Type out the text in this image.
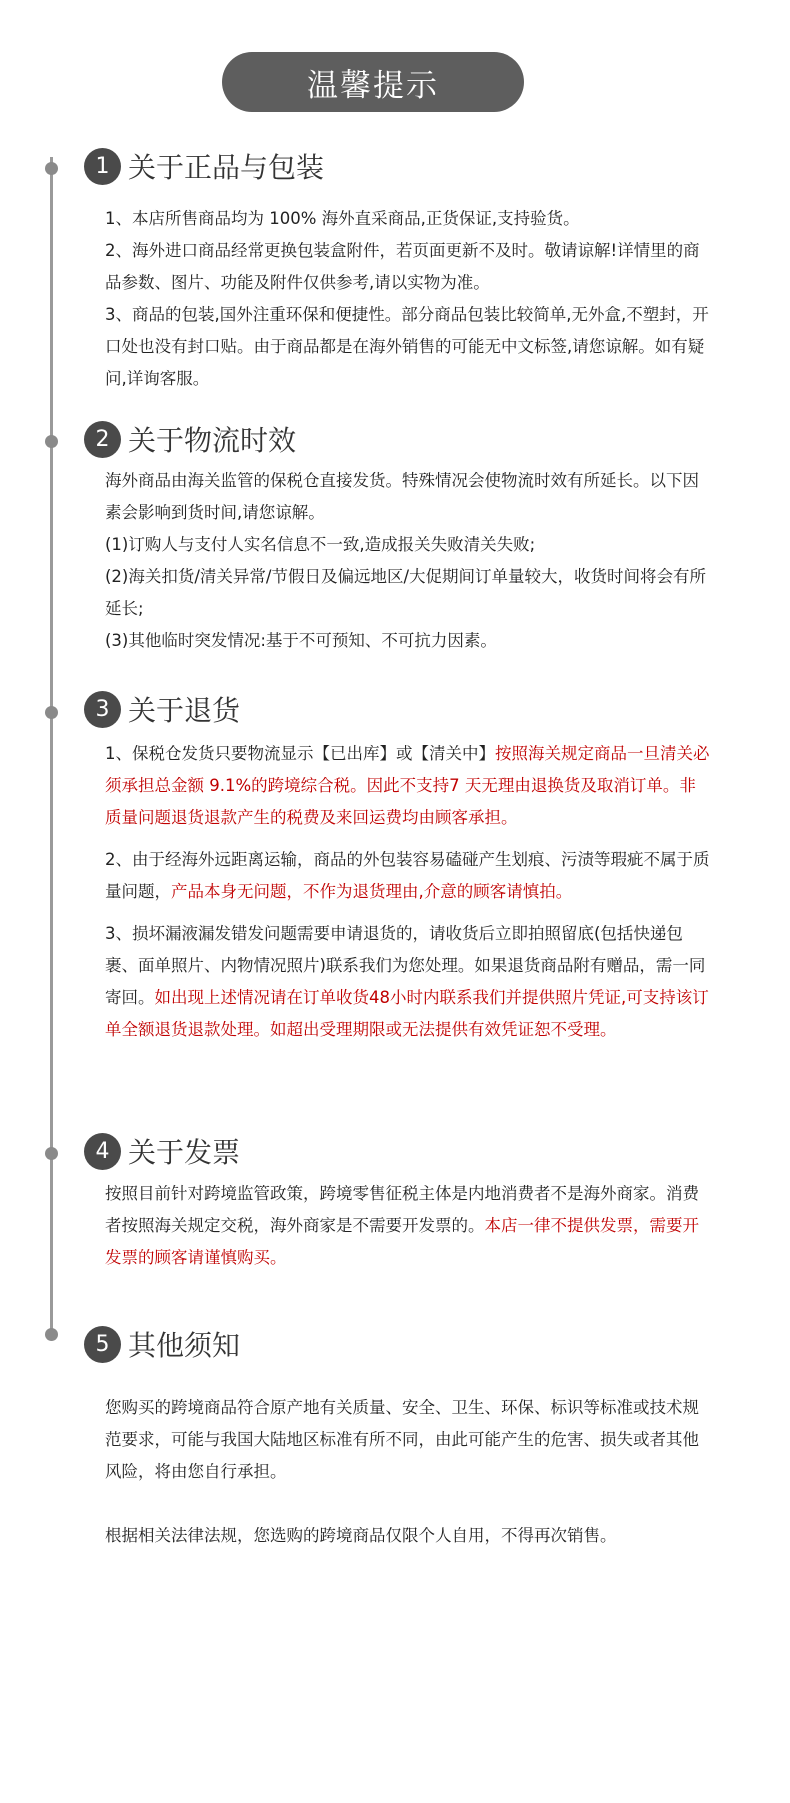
温馨提示
1 关于正品与包装

1、本店所售商品均为 100% 海外直采商品,正货保证,支持验货。

2、海外进口商品经常更换包装盒附件，若页面更新不及时。敬请谅解!详情里的商品参数、图片、功能及附件仅供参考,请以实物为准。

3、商品的包装,国外注重环保和便捷性。部分商品包装比较简单,无外盒,不塑封，开口处也没有封口贴。由于商品都是在海外销售的可能无中文标签,请您谅解。如有疑问,详询客服。

2 关于物流时效

海外商品由海关监管的保税仓直接发货。特殊情况会使物流时效有所延长。以下因素会影响到货时间,请您谅解。

(1)订购人与支付人实名信息不一致,造成报关失败清关失败;

(2)海关扣货/清关异常/节假日及偏远地区/大促期间订单量较大，收货时间将会有所延长;

(3)其他临时突发情况:基于不可预知、不可抗力因素。

3 关于退货

1、保税仓发货只要物流显示【已出库】或【清关中】按照海关规定商品一旦清关必须承担总金额 9.1%的跨境综合税。因此不支持7 天无理由退换货及取消订单。非质量问题退货退款产生的税费及来回运费均由顾客承担。

2、由于经海外远距离运输，商品的外包装容易磕碰产生划痕、污渍等瑕疵不属于质量问题，产品本身无问题，不作为退货理由,介意的顾客请慎拍。

3、损坏漏液漏发错发问题需要申请退货的，请收货后立即拍照留底(包括快递包裹、面单照片、内物情况照片)联系我们为您处理。如果退货商品附有赠品，需一同寄回。如出现上述情况请在订单收货48小时内联系我们并提供照片凭证,可支持该订单全额退货退款处理。如超出受理期限或无法提供有效凭证恕不受理。

4 关于发票

按照目前针对跨境监管政策，跨境零售征税主体是内地消费者不是海外商家。消费者按照海关规定交税，海外商家是不需要开发票的。本店一律不提供发票，需要开发票的顾客请谨慎购买。

5 其他须知

您购买的跨境商品符合原产地有关质量、安全、卫生、环保、标识等标准或技术规范要求，可能与我国大陆地区标准有所不同，由此可能产生的危害、损失或者其他风险，将由您自行承担。

根据相关法律法规，您选购的跨境商品仅限个人自用，不得再次销售。
